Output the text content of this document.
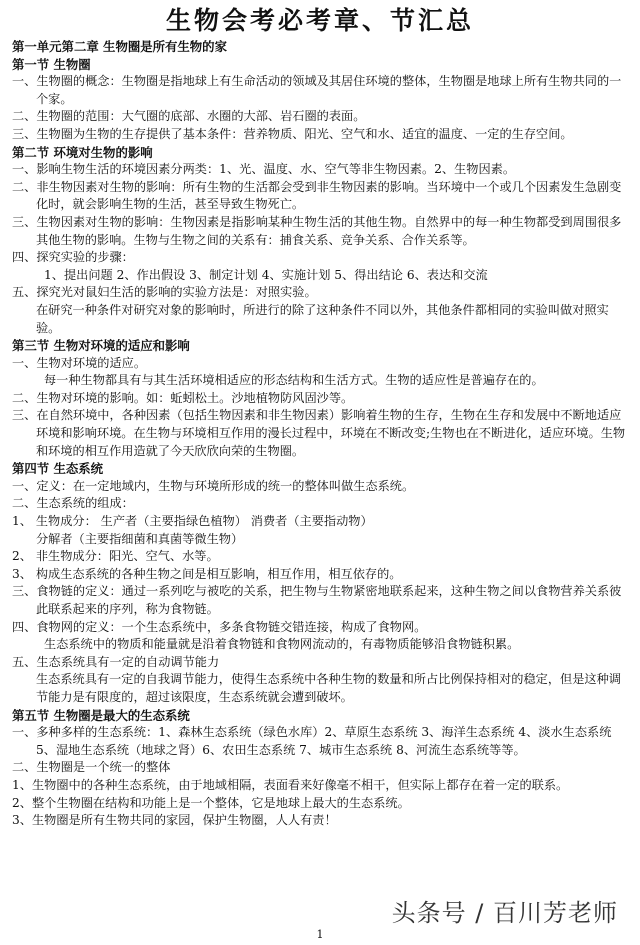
生物会考必考章、节汇总

第一单元第二章 生物圈是所有生物的家

第一节 生物圈

一、生物圈的概念：生物圈是指地球上有生命活动的领域及其居住环境的整体，生物圈是地球上所有生物共同的一个家。

二、生物圈的范围：大气圈的底部、水圈的大部、岩石圈的表面。

三、生物圈为生物的生存提供了基本条件：营养物质、阳光、空气和水、适宜的温度、一定的生存空间。

第二节 环境对生物的影响

一、影响生物生活的环境因素分两类：1、光、温度、水、空气等非生物因素。2、生物因素。

二、非生物因素对生物的影响：所有生物的生活都会受到非生物因素的影响。当环境中一个或几个因素发生急剧变化时，就会影响生物的生活，甚至导致生物死亡。

三、生物因素对生物的影响：生物因素是指影响某种生物生活的其他生物。自然界中的每一种生物都受到周围很多其他生物的影响。生物与生物之间的关系有：捕食关系、竞争关系、合作关系等。

四、探究实验的步骤：

1、提出问题 2、作出假设 3、制定计划 4、实施计划 5、得出结论 6、表达和交流

五、探究光对鼠妇生活的影响的实验方法是：对照实验。

在研究一种条件对研究对象的影响时，所进行的除了这种条件不同以外，其他条件都相同的实验叫做对照实验。

第三节 生物对环境的适应和影响

一、生物对环境的适应。

每一种生物都具有与其生活环境相适应的形态结构和生活方式。生物的适应性是普遍存在的。

二、生物对环境的影响。如：蚯蚓松土。沙地植物防风固沙等。

三、在自然环境中，各种因素（包括生物因素和非生物因素）影响着生物的生存，生物在生存和发展中不断地适应环境和影响环境。在生物与环境相互作用的漫长过程中，环境在不断改变;生物也在不断进化，适应环境。生物和环境的相互作用造就了今天欣欣向荣的生物圈。

第四节 生态系统

一、定义：在一定地域内，生物与环境所形成的统一的整体叫做生态系统。

二、生态系统的组成：

1、 生物成分： 生产者（主要指绿色植物） 消费者（主要指动物）

分解者（主要指细菌和真菌等微生物）

2、 非生物成分：阳光、空气、水等。

3、 构成生态系统的各种生物之间是相互影响，相互作用，相互依存的。

三、食物链的定义：通过一系列吃与被吃的关系，把生物与生物紧密地联系起来，这种生物之间以食物营养关系彼此联系起来的序列，称为食物链。

四、食物网的定义：一个生态系统中，多条食物链交错连接，构成了食物网。

生态系统中的物质和能量就是沿着食物链和食物网流动的，有毒物质能够沿食物链积累。

五、生态系统具有一定的自动调节能力

生态系统具有一定的自我调节能力，使得生态系统中各种生物的数量和所占比例保持相对的稳定，但是这种调节能力是有限度的，超过该限度，生态系统就会遭到破坏。

第五节 生物圈是最大的生态系统

一、多种多样的生态系统：1、森林生态系统（绿色水库）2、草原生态系统 3、海洋生态系统 4、淡水生态系统 5、湿地生态系统（地球之肾）6、农田生态系统 7、城市生态系统 8、河流生态系统等等。

二、生物圈是一个统一的整体

1、生物圈中的各种生态系统，由于地域相隔，表面看来好像毫不相干，但实际上都存在着一定的联系。

2、整个生物圈在结构和功能上是一个整体，它是地球上最大的生态系统。

3、生物圈是所有生物共同的家园，保护生物圈，人人有责！

头条号 / 百川芳老师
1
